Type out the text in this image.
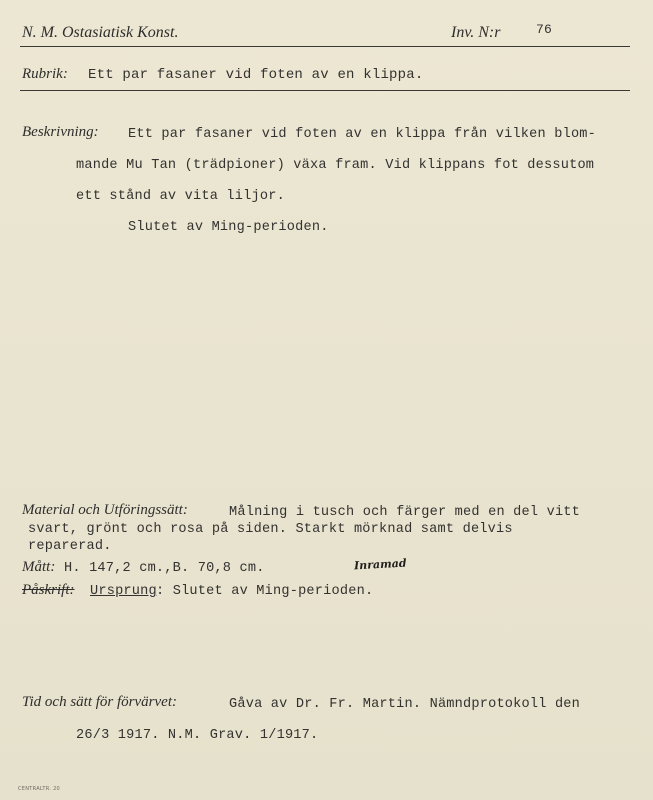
N. M. Ostasiatisk Konst.	Inv. N:r	76
Rubrik: Ett par fasaner vid foten av en klippa.
Beskrivning: Ett par fasaner vid foten av en klippa från vilken blom-
mande Mu Tan (trädpioner) växa fram. Vid klippans fot dessutom
ett stånd av vita liljor.
Slutet av Ming-perioden.
Material och Utföringssätt:	Målning i tusch och färger med en del vitt
svart, grönt och rosa på siden. Starkt mörknad samt delvis
reparerad.
Mått: H. 147,2 cm.,B. 70,8 cm.	Inramad
Påskrift: Ursprung : Slutet av Ming-perioden.
Tid och sätt för förvärvet:	Gåva av Dr. Fr. Martin. Nämndprotokoll den
26/3 1917. N.M. Grav. 1/1917.
CENTRALTR. 20
